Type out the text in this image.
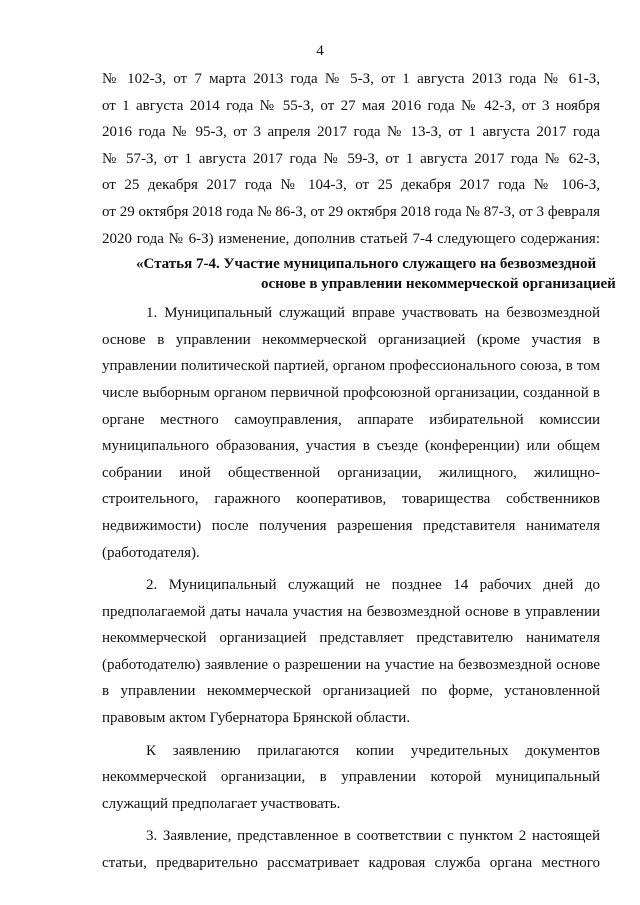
4
№ 102-З, от 7 марта 2013 года № 5-З, от 1 августа 2013 года № 61-З,
от 1 августа 2014 года № 55-З, от 27 мая 2016 года № 42-З, от 3 ноября
2016 года № 95-З, от 3 апреля 2017 года № 13-З, от 1 августа 2017 года
№ 57-З, от 1 августа 2017 года № 59-З, от 1 августа 2017 года № 62-З,
от 25 декабря 2017 года № 104-З, от 25 декабря 2017 года № 106-З,
от 29 октября 2018 года № 86-З, от 29 октября 2018 года № 87-З, от 3 февраля
2020 года № 6-З) изменение, дополнив статьей 7-4 следующего содержания:
«Статья 7-4. Участие муниципального служащего на безвозмездной
основе в управлении некоммерческой организацией
1. Муниципальный служащий вправе участвовать на безвозмездной
основе в управлении некоммерческой организацией (кроме участия в
управлении политической партией, органом профессионального союза, в том
числе выборным органом первичной профсоюзной организации, созданной в
органе местного самоуправления, аппарате избирательной комиссии
муниципального образования, участия в съезде (конференции) или общем
собрании иной общественной организации, жилищного, жилищно-
строительного, гаражного кооперативов, товарищества собственников
недвижимости) после получения разрешения представителя нанимателя
(работодателя).
2. Муниципальный служащий не позднее 14 рабочих дней до
предполагаемой даты начала участия на безвозмездной основе в управлении
некоммерческой организацией представляет представителю нанимателя
(работодателю) заявление о разрешении на участие на безвозмездной основе
в управлении некоммерческой организацией по форме, установленной
правовым актом Губернатора Брянской области.
К заявлению прилагаются копии учредительных документов
некоммерческой организации, в управлении которой муниципальный
служащий предполагает участвовать.
3. Заявление, представленное в соответствии с пунктом 2 настоящей
статьи, предварительно рассматривает кадровая служба органа местного
